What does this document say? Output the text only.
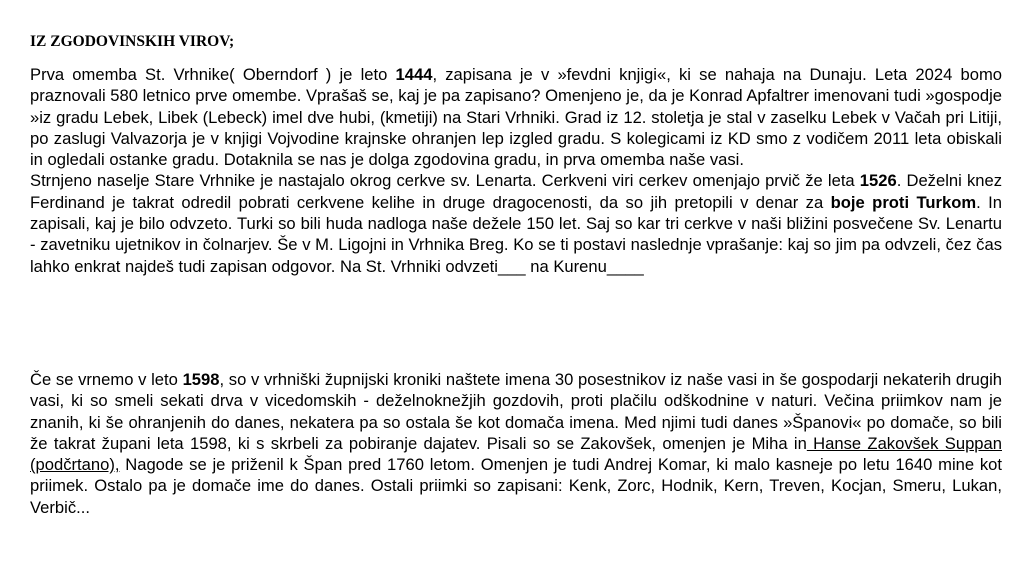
IZ ZGODOVINSKIH VIROV;
Prva omemba St. Vrhnike( Oberndorf ) je leto 1444, zapisana je v »fevdni knjigi«, ki se nahaja na Dunaju. Leta 2024 bomo praznovali 580 letnico prve omembe. Vprašaš se, kaj je pa zapisano? Omenjeno je, da je Konrad Apfaltrer imenovani tudi »gospodje »iz gradu Lebek, Libek (Lebeck) imel dve hubi, (kmetiji) na Stari Vrhniki. Grad iz 12. stoletja je stal v zaselku Lebek v Vačah pri Litiji, po zaslugi Valvazorja je v knjigi Vojvodine krajnske ohranjen lep izgled gradu. S kolegicami iz KD smo z vodičem 2011 leta obiskali in ogledali ostanke gradu. Dotaknila se nas je dolga zgodovina gradu, in prva omemba naše vasi.
Strnjeno naselje Stare Vrhnike je nastajalo okrog cerkve sv. Lenarta. Cerkveni viri cerkev omenjajo prvič že leta 1526. Deželni knez Ferdinand je takrat odredil pobrati cerkvene kelihe in druge dragocenosti, da so jih pretopili v denar za boje proti Turkom. In zapisali, kaj je bilo odvzeto. Turki so bili huda nadloga naše dežele 150 let. Saj so kar tri cerkve v naši bližini posvečene Sv. Lenartu - zavetniku ujetnikov in čolnarjev. Še v M. Ligojni in Vrhnika Breg. Ko se ti postavi naslednje vprašanje: kaj so jim pa odvzeli, čez čas lahko enkrat najdeš tudi zapisan odgovor. Na St. Vrhniki odvzeti___ na Kurenu____
Če se vrnemo v leto 1598, so v vrhniški župnijski kroniki naštete imena 30 posestnikov iz naše vasi in še gospodarji nekaterih drugih vasi, ki so smeli sekati drva v vicedomskih - deželnoknežjih gozdovih, proti plačilu odškodnine v naturi. Večina priimkov nam je znanih, ki še ohranjenih do danes, nekatera pa so ostala še kot domača imena. Med njimi tudi danes »Španovi« po domače, so bili že takrat župani leta 1598, ki s skrbeli za pobiranje dajatev. Pisali so se Zakovšek, omenjen je Miha in Hanse Zakovšek Suppan (podčrtano), Nagode se je priženil k Špan pred 1760 letom. Omenjen je tudi Andrej Komar, ki malo kasneje po letu 1640 mine kot priimek. Ostalo pa je domače ime do danes. Ostali priimki so zapisani: Kenk, Zorc, Hodnik, Kern, Treven, Kocjan, Smeru, Lukan, Verbič...
